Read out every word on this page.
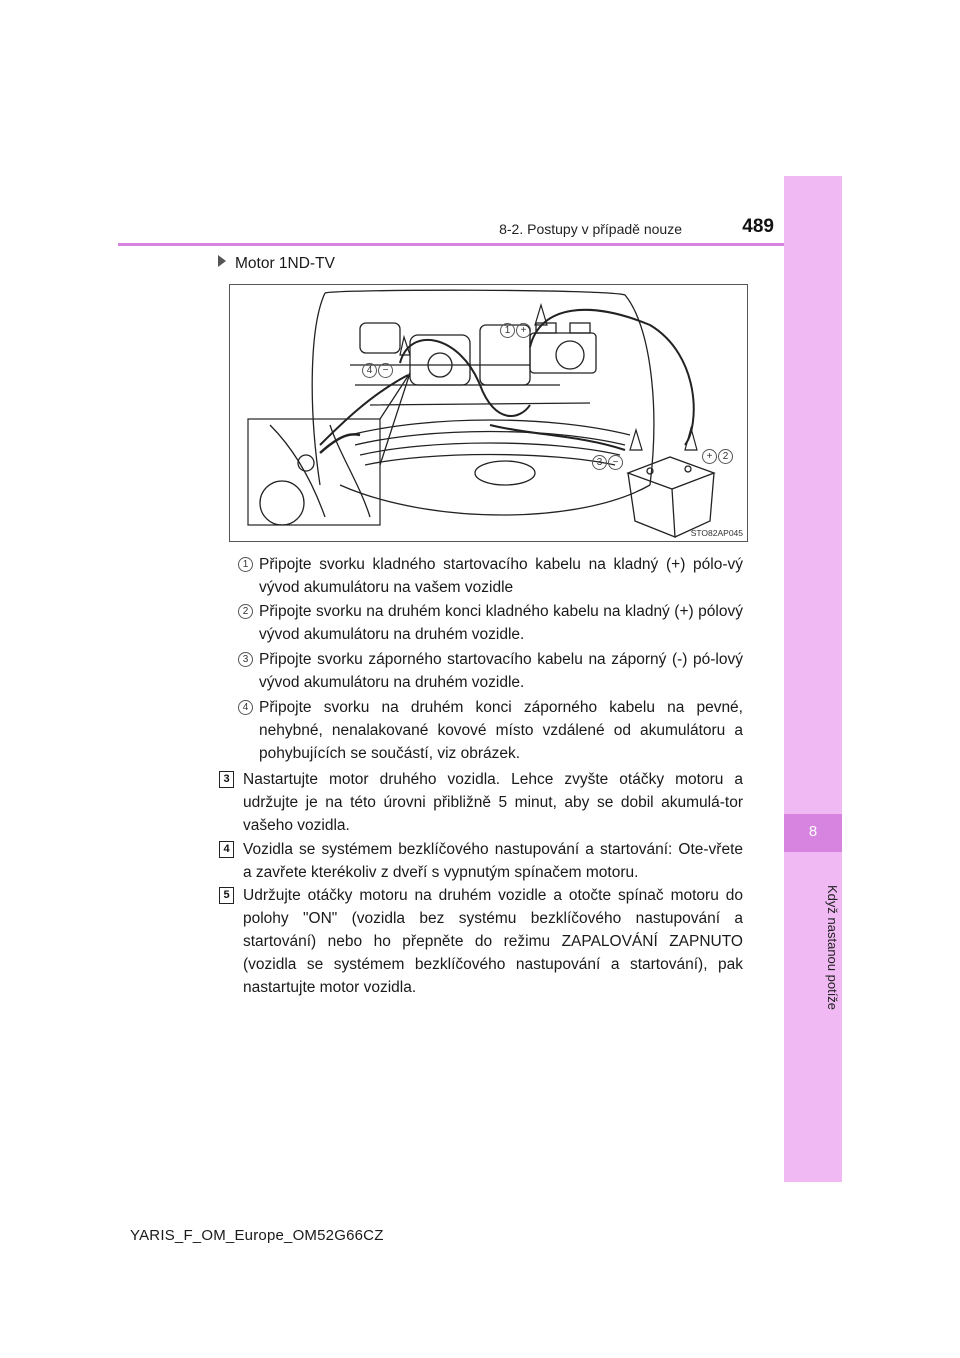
8
Když nastanou potíže
8-2. Postupy v případě nouze	489
Motor 1ND-TV
1	+
4	−
3	−
+	2
STO82AP045
1 Připojte svorku kladného startovacího kabelu na kladný (+) pólo-vý vývod akumulátoru na vašem vozidle
2 Připojte svorku na druhém konci kladného kabelu na kladný (+) pólový vývod akumulátoru na druhém vozidle.
3 Připojte svorku záporného startovacího kabelu na záporný (-) pó-lový vývod akumulátoru na druhém vozidle.
4 Připojte svorku na druhém konci záporného kabelu na pevné, nehybné, nenalakované kovové místo vzdálené od akumulátoru a pohybujících se součástí, viz obrázek.
3 Nastartujte motor druhého vozidla. Lehce zvyšte otáčky motoru a udržujte je na této úrovni přibližně 5 minut, aby se dobil akumulá-tor vašeho vozidla.
4 Vozidla se systémem bezklíčového nastupování a startování: Ote-vřete a zavřete kterékoliv z dveří s vypnutým spínačem motoru.
5 Udržujte otáčky motoru na druhém vozidle a otočte spínač motoru do polohy "ON" (vozidla bez systému bezklíčového nastupování a startování) nebo ho přepněte do režimu ZAPALOVÁNÍ ZAPNUTO (vozidla se systémem bezklíčového nastupování a startování), pak nastartujte motor vozidla.
YARIS_F_OM_Europe_OM52G66CZ
